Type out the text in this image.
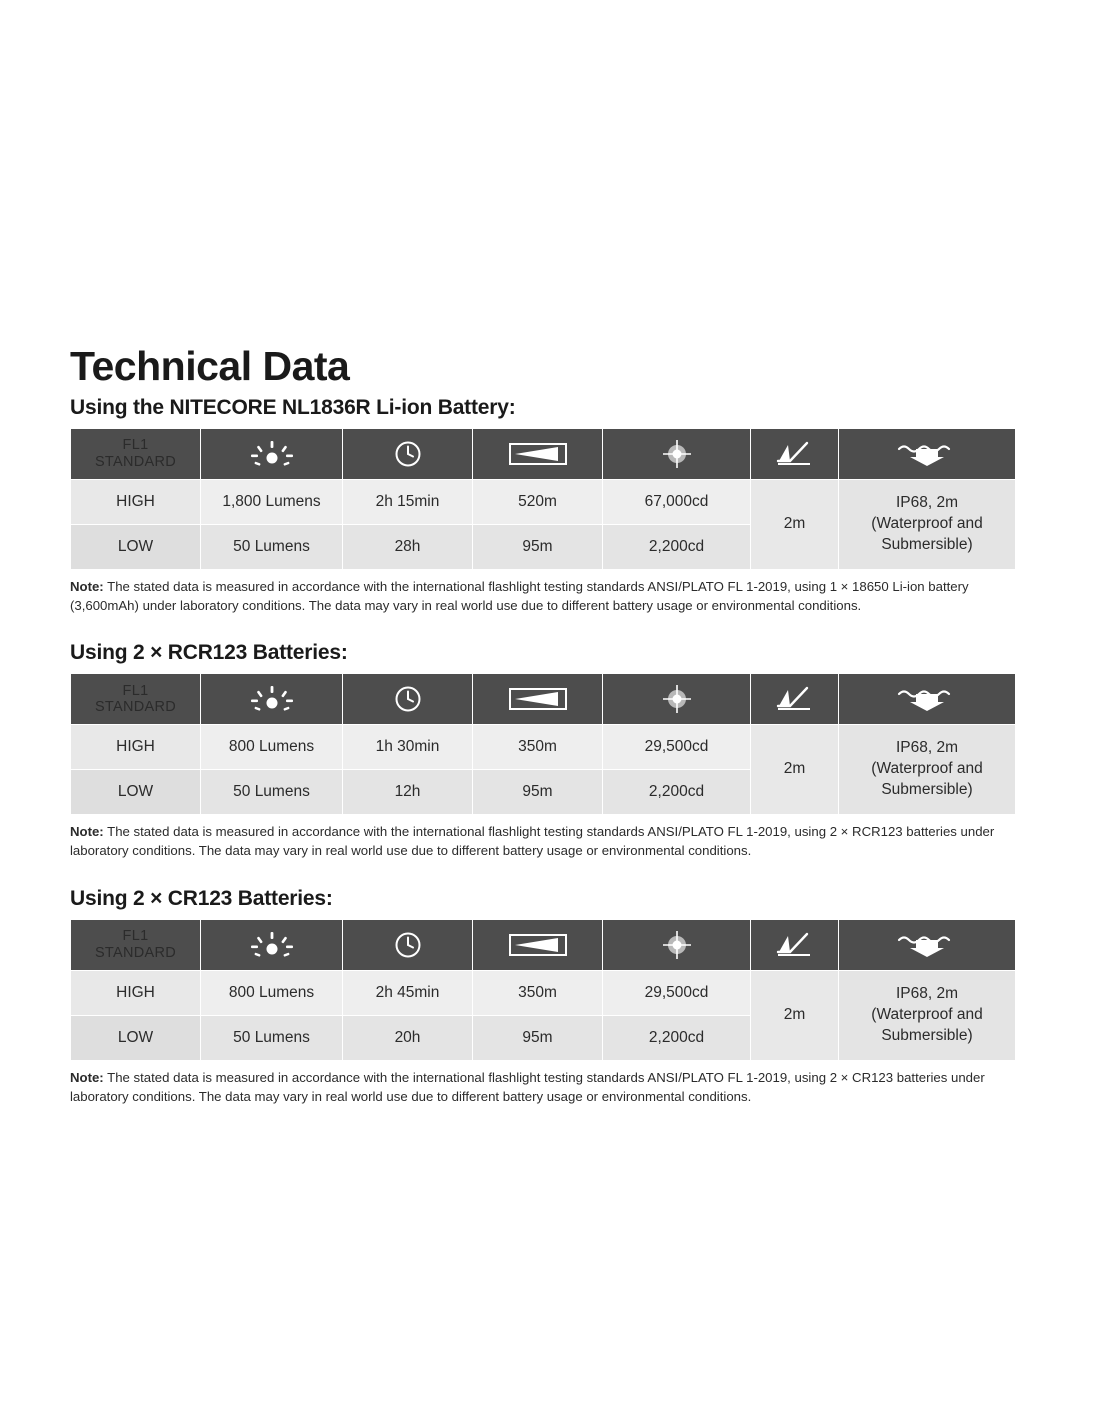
Technical Data
Using the NITECORE NL1836R Li-ion Battery:
FL1
STANDARD

HIGH	1,800 Lumens	2h 15min	520m	67,000cd	2m	IP68, 2m
(Waterproof and
Submersible)

LOW	50 Lumens	28h	95m	2,200cd		
Note: The stated data is measured in accordance with the international flashlight testing standards ANSI/PLATO FL 1-2019, using 1 × 18650 Li-ion battery (3,600mAh) under laboratory conditions. The data may vary in real world use due to different battery usage or environmental conditions.
Using 2 × RCR123 Batteries:
FL1
STANDARD

HIGH	800 Lumens	1h 30min	350m	29,500cd	2m	IP68, 2m
(Waterproof and
Submersible)

LOW	50 Lumens	12h	95m	2,200cd		
Note: The stated data is measured in accordance with the international flashlight testing standards ANSI/PLATO FL 1-2019, using 2 × RCR123 batteries under laboratory conditions. The data may vary in real world use due to different battery usage or environmental conditions.
Using 2 × CR123 Batteries:
FL1
STANDARD

HIGH	800 Lumens	2h 45min	350m	29,500cd	2m	IP68, 2m
(Waterproof and
Submersible)

LOW	50 Lumens	20h	95m	2,200cd		
Note: The stated data is measured in accordance with the international flashlight testing standards ANSI/PLATO FL 1-2019, using 2 × CR123 batteries under laboratory conditions. The data may vary in real world use due to different battery usage or environmental conditions.
